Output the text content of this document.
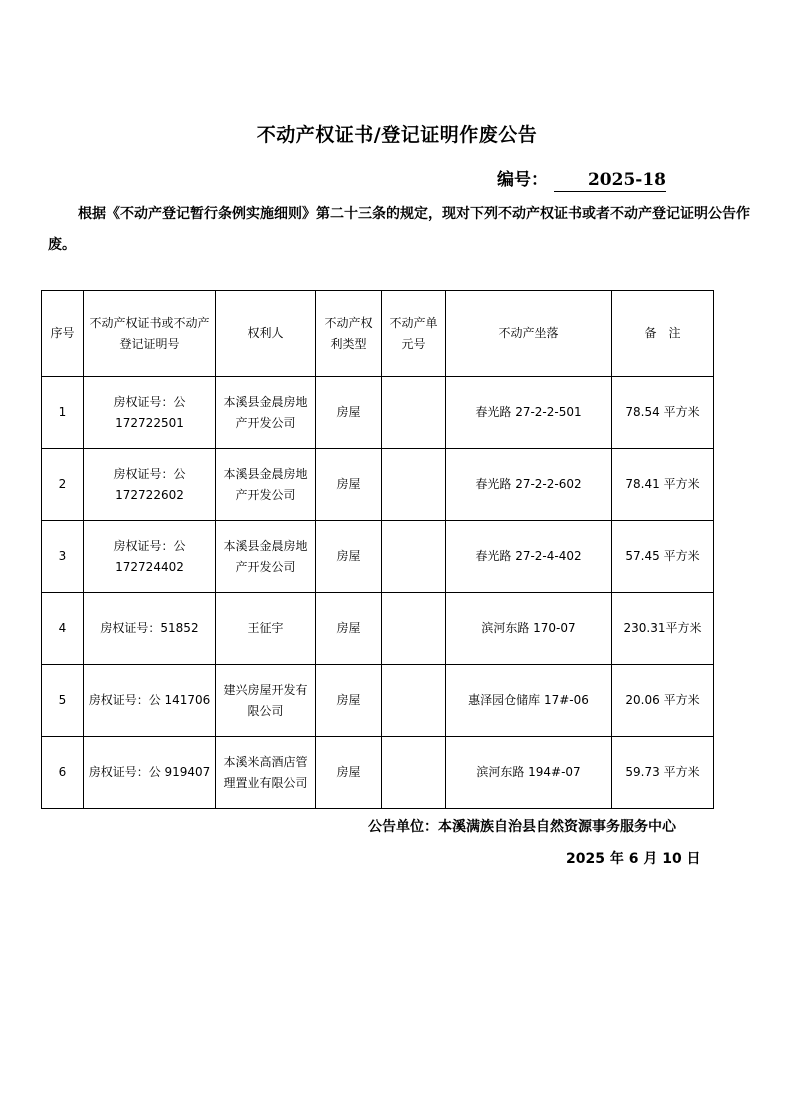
不动产权证书/登记证明作废公告
编号： 2025-18
根据《不动产登记暂行条例实施细则》第二十三条的规定，现对下列不动产权证书或者不动产登记证明公告作废。
序号	不动产权证书或不动产登记证明号	权利人	不动产权利类型	不动产单元号	不动产坐落	备　注
1	房权证号：公 172722501	本溪县金晨房地产开发公司	房屋		春光路 27-2-2-501	78.54 平方米
2	房权证号：公 172722602	本溪县金晨房地产开发公司	房屋		春光路 27-2-2-602	78.41 平方米
3	房权证号：公 172724402	本溪县金晨房地产开发公司	房屋		春光路 27-2-4-402	57.45 平方米
4	房权证号：51852	王征宇	房屋		滨河东路 170-07	230.31平方米
5	房权证号：公 141706	建兴房屋开发有限公司	房屋		惠泽园仓储库 17#-06	20.06 平方米
6	房权证号：公 919407	本溪米高酒店管理置业有限公司	房屋		滨河东路 194#-07	59.73 平方米
公告单位：本溪满族自治县自然资源事务服务中心
2025 年 6 月 10 日
